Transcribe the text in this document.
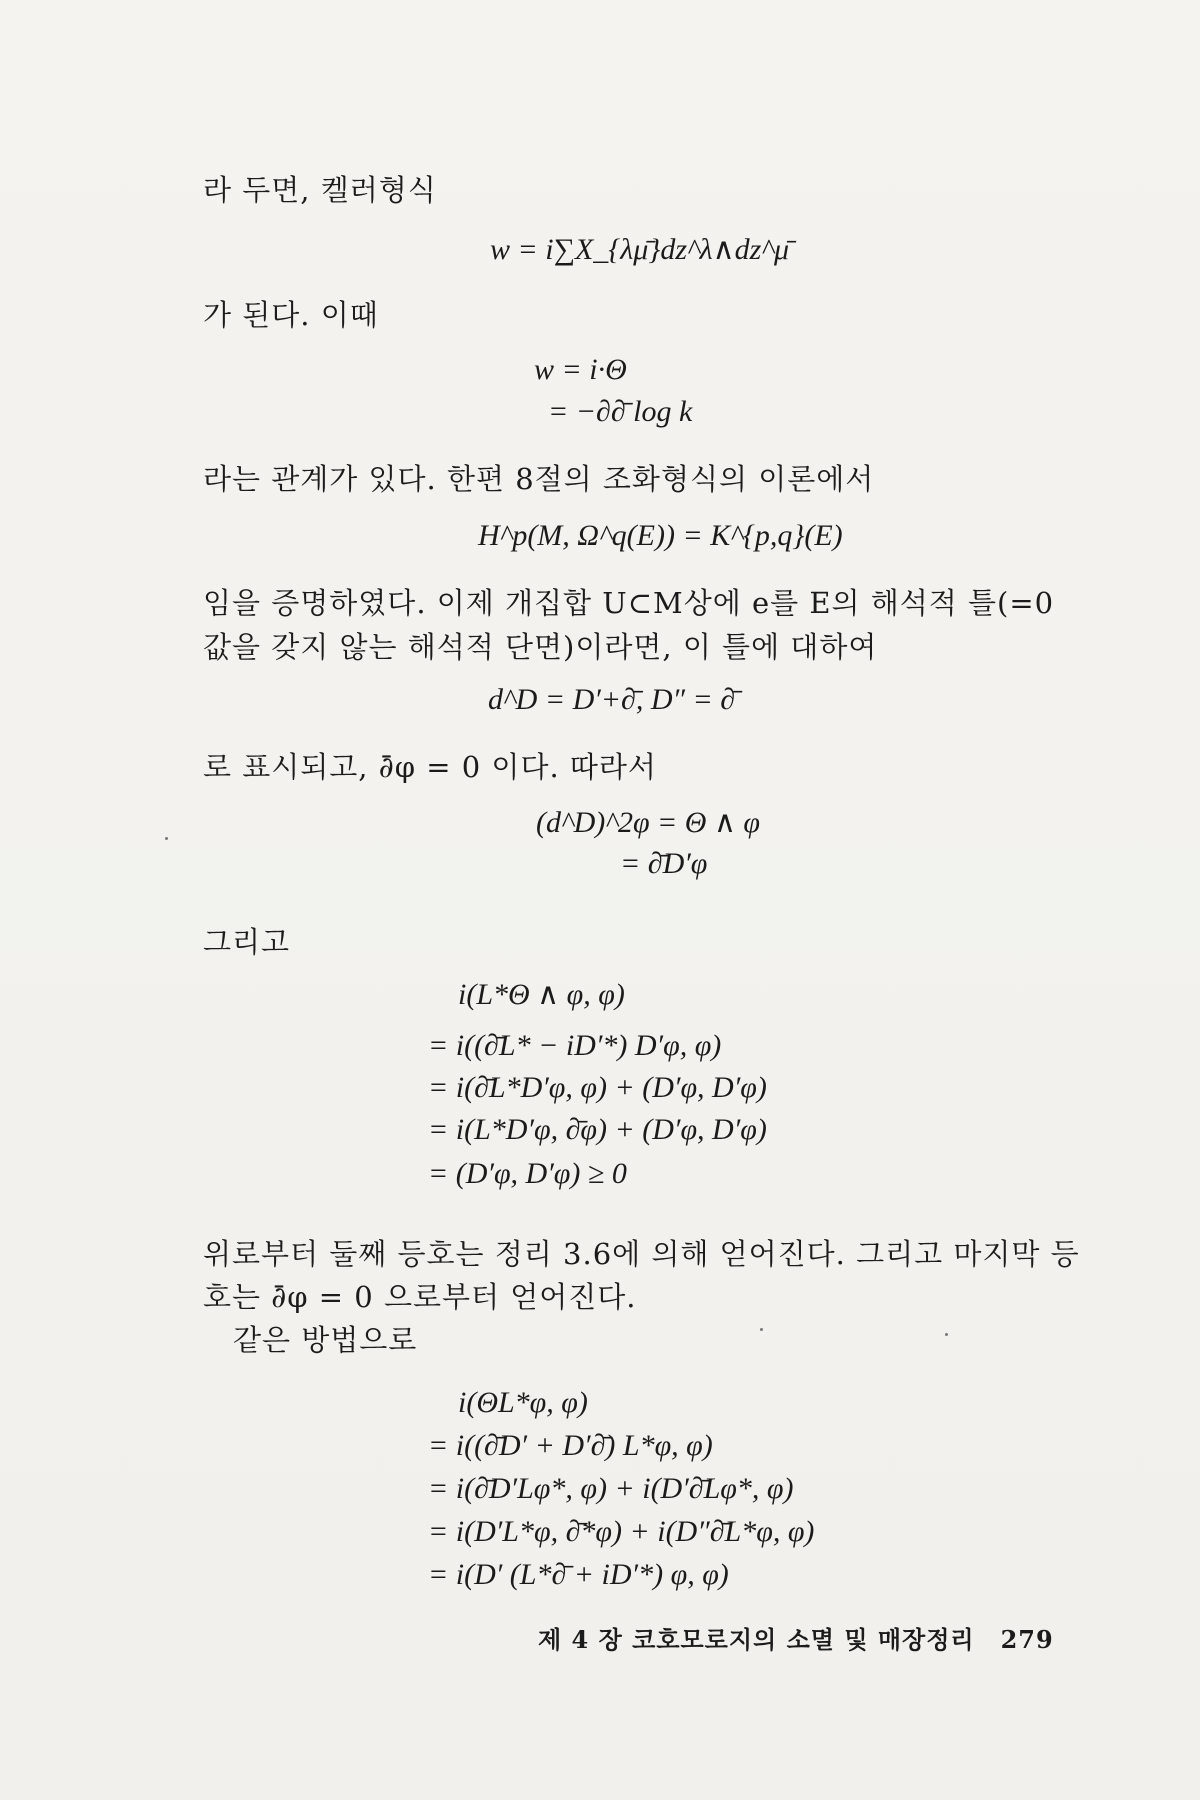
라 두면, 켈러형식
w = i∑X_{λμ̄}dz^λ∧dz^μ̄
가 된다. 이때
w = i·Θ
= −∂∂̄ log k
라는 관계가 있다. 한편 8절의 조화형식의 이론에서
H^p(M, Ω^q(E)) = K^{p,q}(E)
임을 증명하였다. 이제 개집합 U⊂M상에 e를 E의 해석적 틀(=0
값을 갖지 않는 해석적 단면)이라면, 이 틀에 대하여
d^D = D′+∂̄, D″ = ∂̄
로 표시되고, ∂̄φ = 0 이다. 따라서
(d^D)^2φ = Θ ∧ φ
= ∂̄D′φ
그리고
i(L*Θ ∧ φ, φ)
= i((∂̄L* − iD′*) D′φ, φ)
= i(∂̄L*D′φ, φ) + (D′φ, D′φ)
= i(L*D′φ, ∂̄φ) + (D′φ, D′φ)
= (D′φ, D′φ) ≥ 0
위로부터 둘째 등호는 정리 3.6에 의해 얻어진다. 그리고 마지막 등
호는 ∂̄φ = 0 으로부터 얻어진다.
같은 방법으로
i(ΘL*φ, φ)
= i((∂̄D′ + D′∂̄) L*φ, φ)
= i(∂̄D′Lφ*, φ) + i(D′∂̄Lφ*, φ)
= i(D′L*φ, ∂̄*φ) + i(D″∂̄L*φ, φ)
= i(D′ (L*∂̄ + iD′*) φ, φ)
제 4 장 코호모로지의 소멸 및 매장정리 279
